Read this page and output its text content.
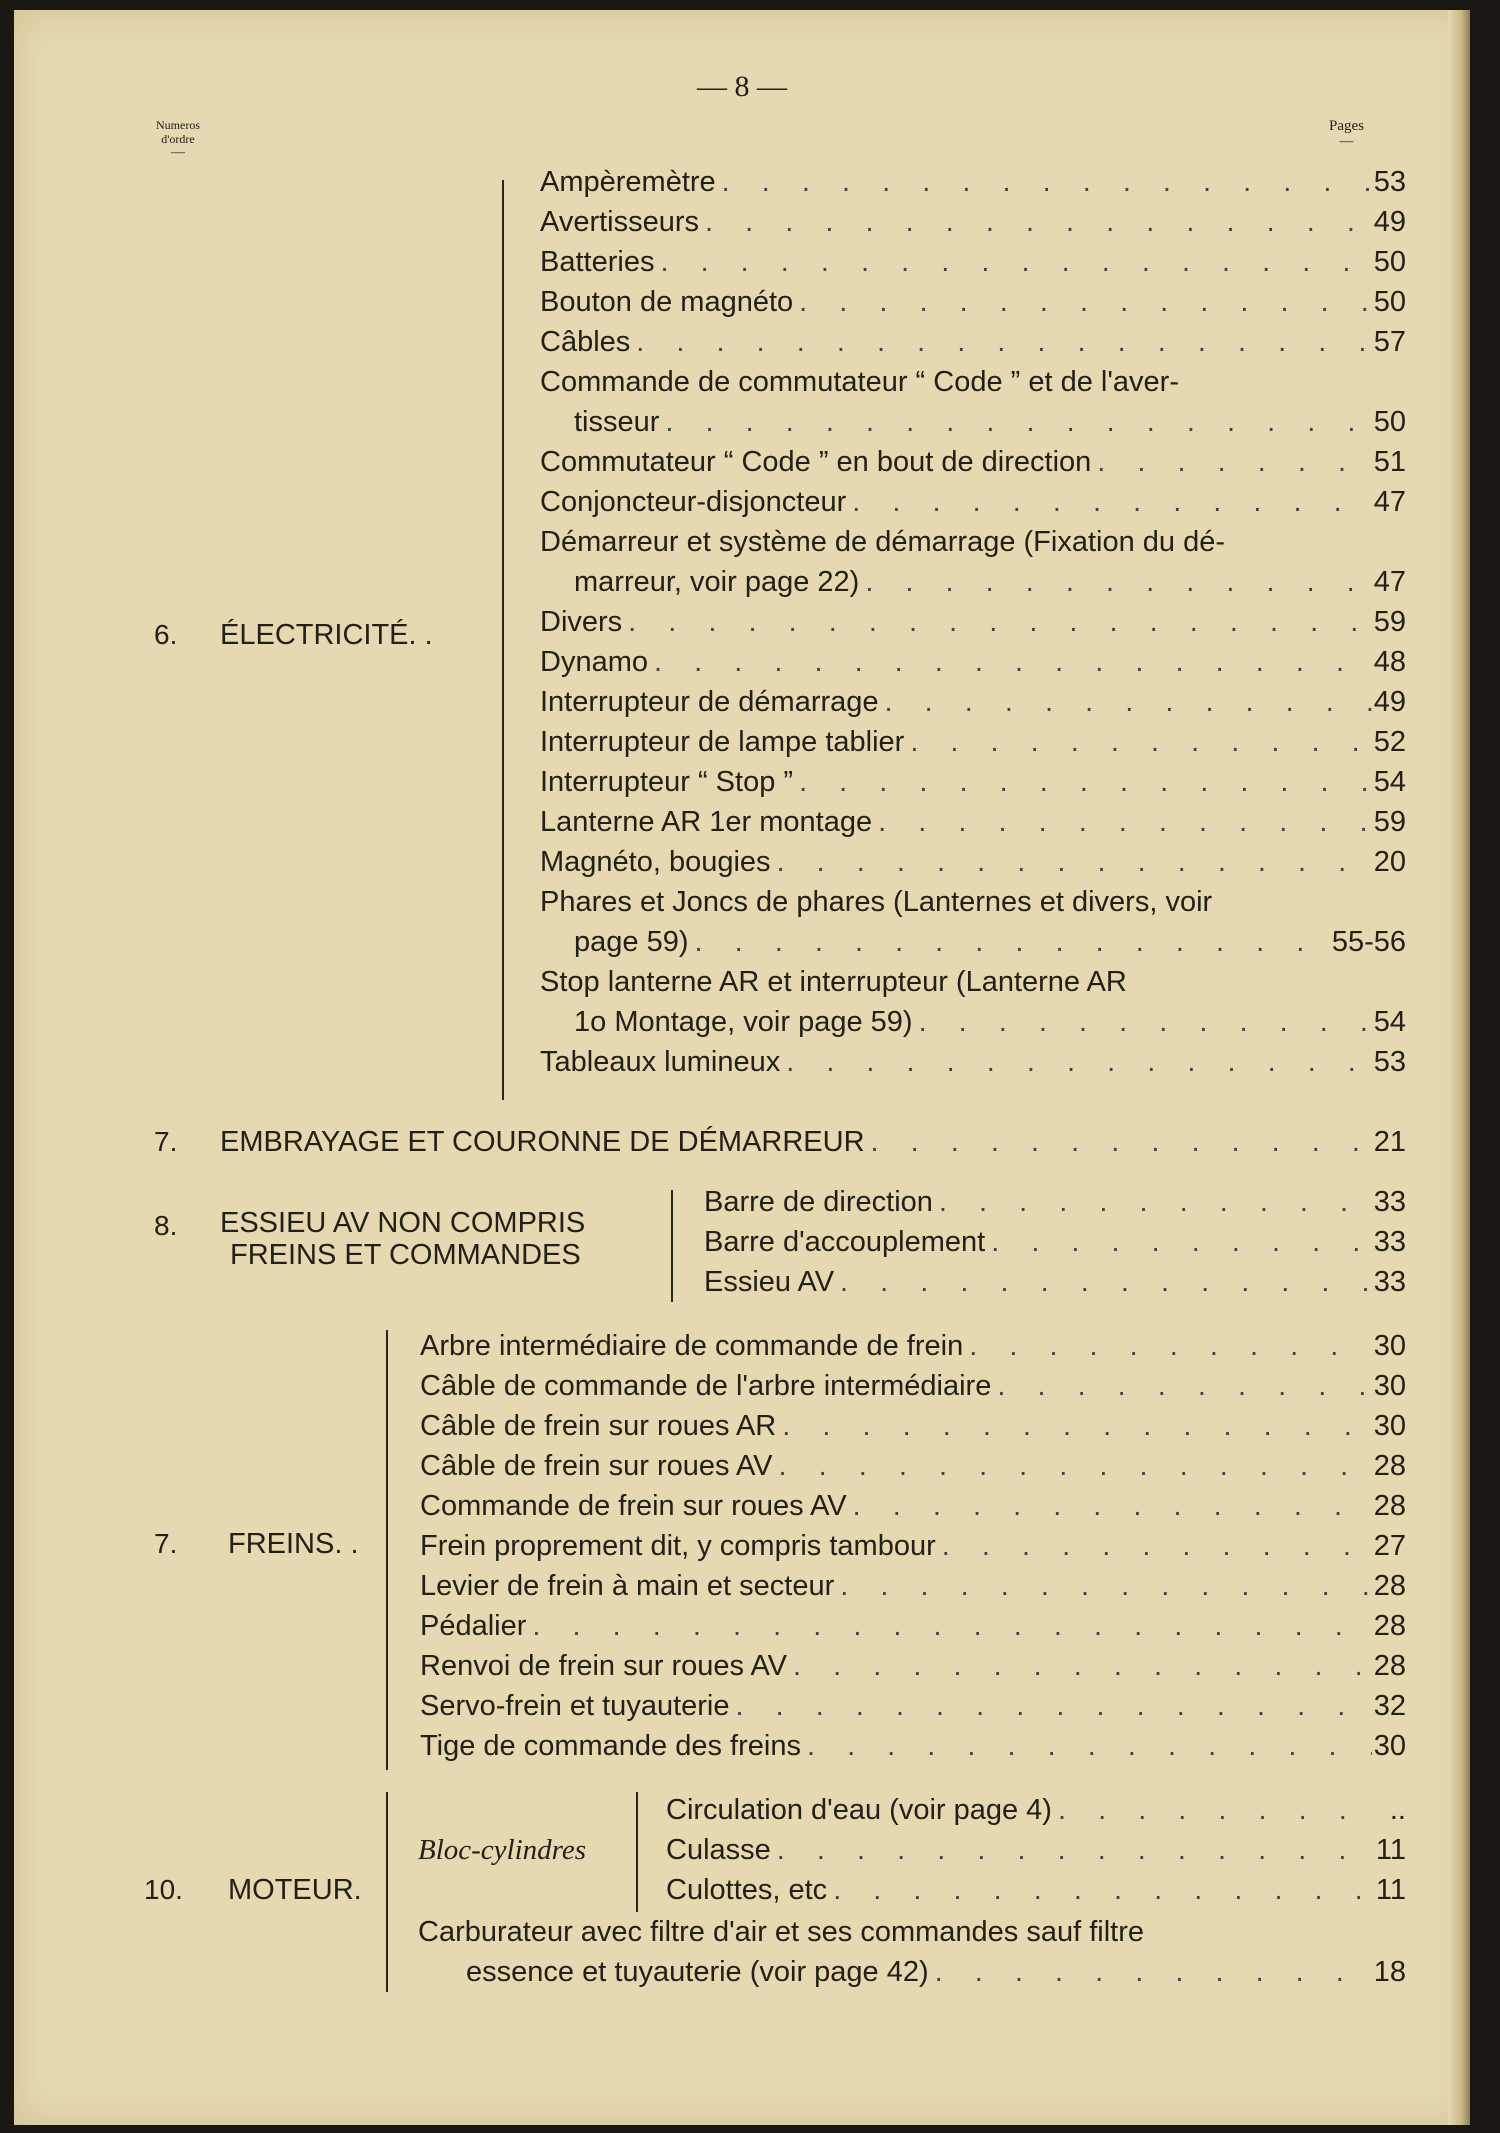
— 8 —
Numeros
d'ordre
—
Pages
—
6. ÉLECTRICITÉ. .
Ampèremètre . . .	53
Avertisseurs . . .	49
Batteries . . .	50
Bouton de magnéto . . .	50
Câbles . . .	57
Commande de commutateur “ Code ” et de l'aver-
tisseur . . .	50
Commutateur “ Code ” en bout de direction . . .	51
Conjoncteur-disjoncteur . . .	47
Démarreur et système de démarrage (Fixation du dé-
marreur, voir page 22) . . .	47
Divers . . .	59
Dynamo . . .	48
Interrupteur de démarrage . . .	49
Interrupteur de lampe tablier . . .	52
Interrupteur “ Stop ” . . .	54
Lanterne AR 1er montage . . .	59
Magnéto, bougies . . .	20
Phares et Joncs de phares (Lanternes et divers, voir
page 59) . . .	55-56
Stop lanterne AR et interrupteur (Lanterne AR
1o Montage, voir page 59) . . .	54
Tableaux lumineux . . .	53
7. EMBRAYAGE ET COURONNE DE DÉMARREUR . . .	21
8. ESSIEU AV NON COMPRIS
FREINS ET COMMANDES
Barre de direction . . .	33
Barre d'accouplement . . .	33
Essieu AV . . .	33
7. FREINS. .
Arbre intermédiaire de commande de frein . . .	30
Câble de commande de l'arbre intermédiaire . . .	30
Câble de frein sur roues AR . . .	30
Câble de frein sur roues AV . . .	28
Commande de frein sur roues AV . . .	28
Frein proprement dit, y compris tambour . . .	27
Levier de frein à main et secteur . . .	28
Pédalier . . .	28
Renvoi de frein sur roues AV . . .	28
Servo-frein et tuyauterie . . .	32
Tige de commande des freins . . .	30
10. MOTEUR.
Bloc-cylindres
Circulation d'eau (voir page 4) . . .	..
Culasse . . .	11
Culottes, etc . . .	11
Carburateur avec filtre d'air et ses commandes sauf filtre
essence et tuyauterie (voir page 42) . . .	18
